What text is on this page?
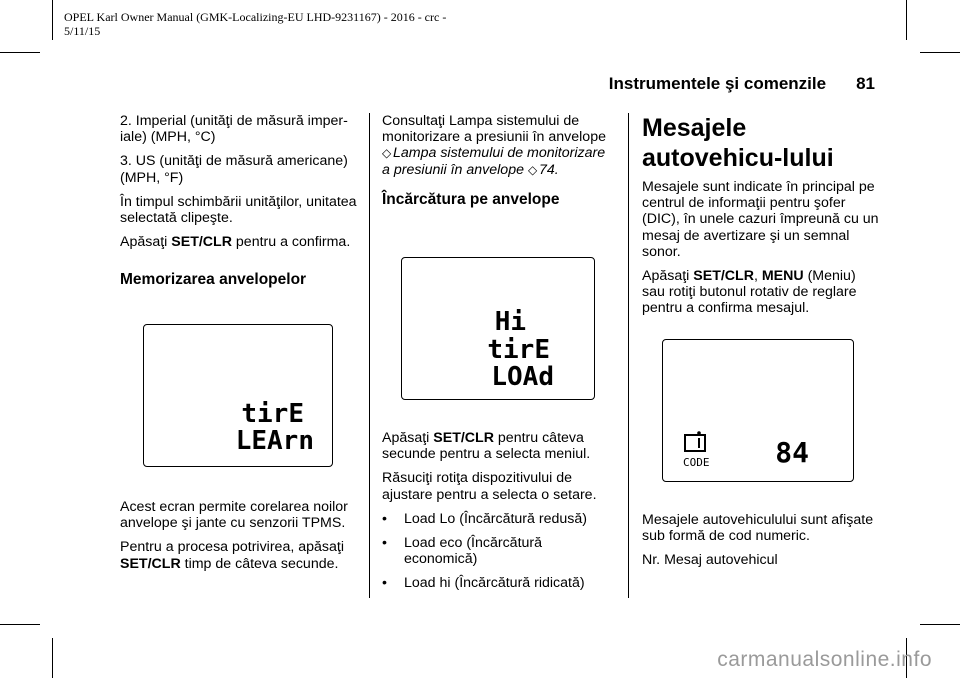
OPEL Karl Owner Manual (GMK-Localizing-EU LHD-9231167) - 2016 - crc -
5/11/15
Instrumentele şi comenzile 81

2. Imperial (unităţi de măsură imper-iale) (MPH, °C)

3. US (unităţi de măsură americane) (MPH, °F)

În timpul schimbării unităţilor, unitatea selectată clipeşte.

Apăsaţi SET/CLR pentru a confirma.

Memorizarea anvelopelor
tirE
LEArn

Acest ecran permite corelarea noilor anvelope şi jante cu senzorii TPMS.

Pentru a procesa potrivirea, apăsaţi SET/CLR timp de câteva secunde.

Consultaţi Lampa sistemului de monitorizare a presiunii în anvelope ◇ Lampa sistemului de monitorizare a presiunii în anvelope ◇ 74.

Încărcătura pe anvelope
Hi
tirE
LOAd

Apăsaţi SET/CLR pentru câteva secunde pentru a selecta meniul.

Răsuciţi rotiţa dispozitivului de ajustare pentru a selecta o setare.

•	Load Lo (Încărcătură redusă)
•	Load eco (Încărcătură economică)
•	Load hi (Încărcătură ridicată)
Mesajele autovehicu-lului

Mesajele sunt indicate în principal pe centrul de informaţii pentru şofer (DIC), în unele cazuri împreună cu un mesaj de avertizare şi un semnal sonor.

Apăsaţi SET/CLR, MENU (Meniu) sau rotiţi butonul rotativ de reglare pentru a confirma mesajul.

CODE 84

Mesajele autovehiculului sunt afişate sub formă de cod numeric.

Nr. Mesaj autovehicul

carmanualsonline.info
